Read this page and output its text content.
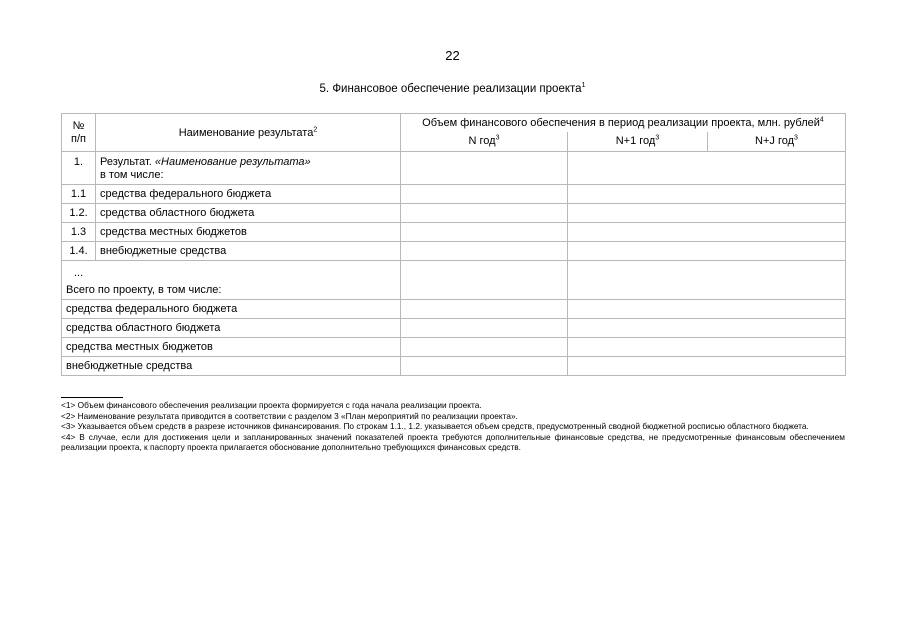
22
5. Финансовое обеспечение реализации проекта$^1$
№
п/п	Наименование результата$^2$	Объем финансового обеспечения в период реализации проекта, млн. рублей$^4$
		N год$^3$	N+1 год$^3$	N+J год$^3$
1.	Результат. «Наименование результата»
в том числе:			
1.1	средства федерального бюджета			
1.2.	средства областного бюджета			
1.3	средства местных бюджетов			
1.4.	внебюджетные средства			
...
Всего по проекту, в том числе:				
средства федерального бюджета				
средства областного бюджета				
средства местных бюджетов				
внебюджетные средства				

<1> Объем финансового обеспечения реализации проекта формируется с года начала реализации проекта.

<2> Наименование результата приводится в соответствии с разделом 3 «План мероприятий по реализации проекта».

<3> Указывается объем средств в разрезе источников финансирования. По строкам 1.1., 1.2. указывается объем средств, предусмотренный сводной бюджетной росписью областного бюджета.

<4> В случае, если для достижения цели и запланированных значений показателей проекта требуются дополнительные финансовые средства, не предусмотренные финансовым обеспечением реализации проекта, к паспорту проекта прилагается обоснование дополнительно требующихся финансовых средств.
